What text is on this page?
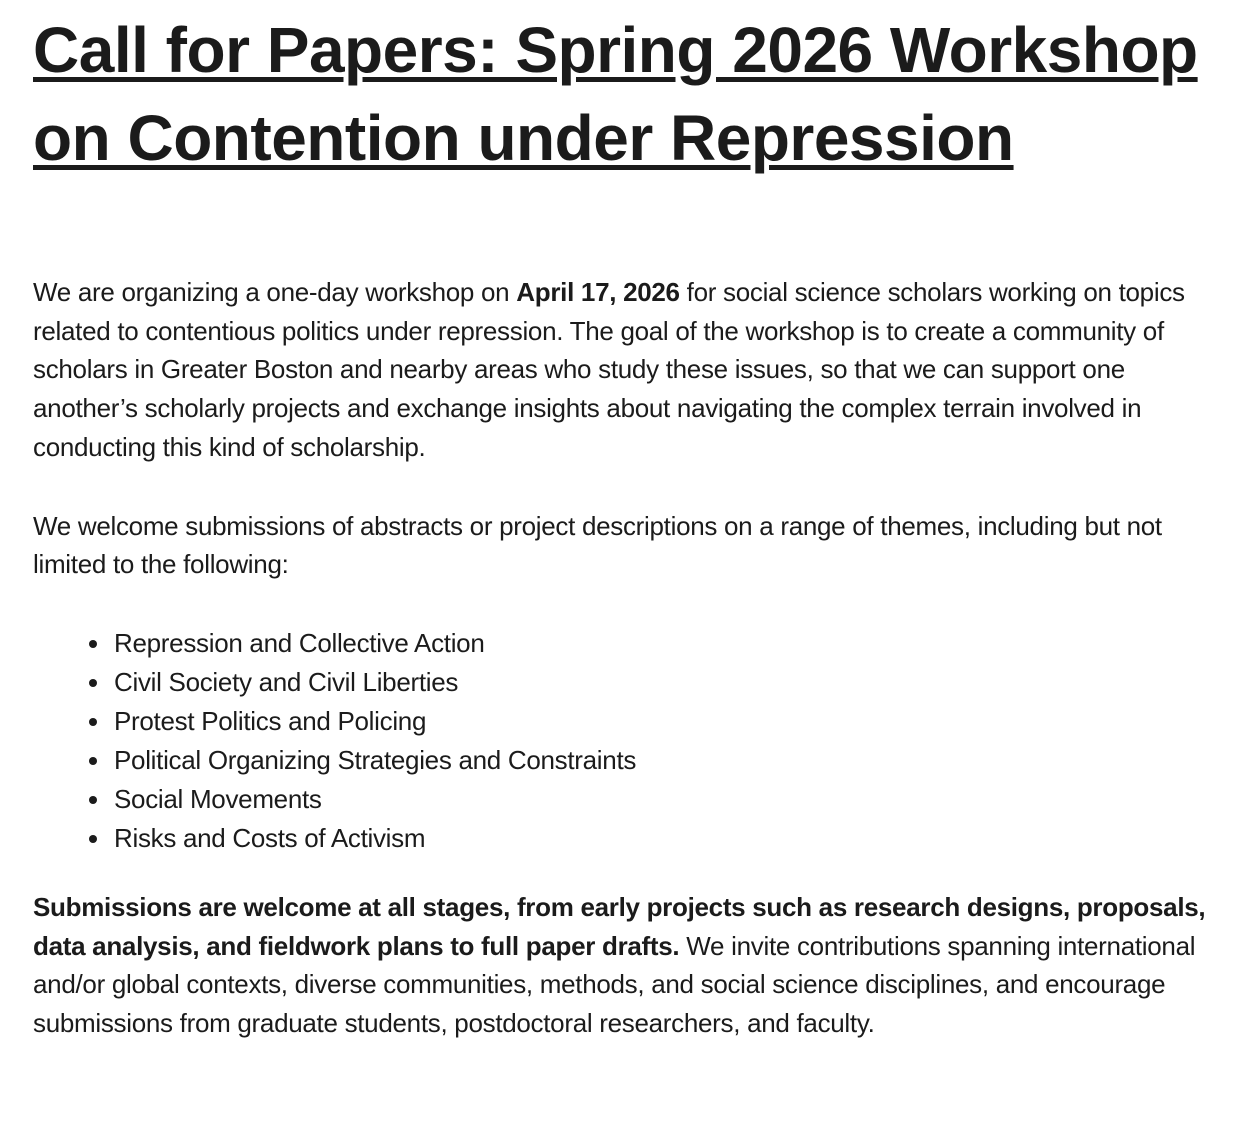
Call for Papers: Spring 2026 Workshop
on Contention under Repression

We are organizing a one-day workshop on April 17, 2026 for social science scholars working on topics related to contentious politics under repression. The goal of the workshop is to create a community of scholars in Greater Boston and nearby areas who study these issues, so that we can support one another’s scholarly projects and exchange insights about navigating the complex terrain involved in conducting this kind of scholarship.

We welcome submissions of abstracts or project descriptions on a range of themes, including but not limited to the following:

• Repression and Collective Action
• Civil Society and Civil Liberties
• Protest Politics and Policing
• Political Organizing Strategies and Constraints
• Social Movements
• Risks and Costs of Activism

Submissions are welcome at all stages, from early projects such as research designs, proposals, data analysis, and fieldwork plans to full paper drafts. We invite contributions spanning international and/or global contexts, diverse communities, methods, and social science disciplines, and encourage submissions from graduate students, postdoctoral researchers, and faculty.
